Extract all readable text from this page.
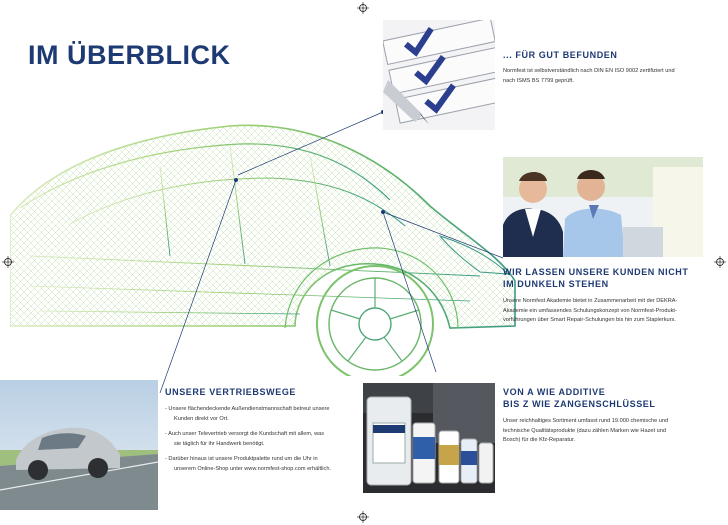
IM ÜBERBLICK	... FÜR GUT BEFUNDEN
Normfest ist selbstverständlich nach DIN EN ISO 9002 zertifiziert und
nach ISMS BS 7799 geprüft.
WIR LASSEN UNSERE KUNDEN NICHT
IM DUNKELN STEHEN
Unsere Normfest Akademie bietet in Zusammenarbeit mit der DEKRA-
Akademie ein umfassendes Schulungskonzept von Normfest-Produkt-
vorführungen über Smart Repair-Schulungen bis hin zum Staplerkurs.
UNSERE VERTRIEBSWEGE
- Unsere flächendeckende Außendienstmannschaft betreut unsere
Kunden direkt vor Ort.
- Auch unser Televertrieb versorgt die Kundschaft mit allem, was
sie täglich für ihr Handwerk benötigt.
- Darüber hinaus ist unsere Produktpalette rund um die Uhr in
unserem Online-Shop unter www.normfest-shop.com erhältlich.
VON A WIE ADDITIVE
BIS Z WIE ZANGENSCHLÜSSEL
Unser reichhaltiges Sortiment umfasst rund 19.000 chemische und
technische Qualitätsprodukte (dazu zählen Marken wie Hazet und
Bosch) für die Kfz-Reparatur.
